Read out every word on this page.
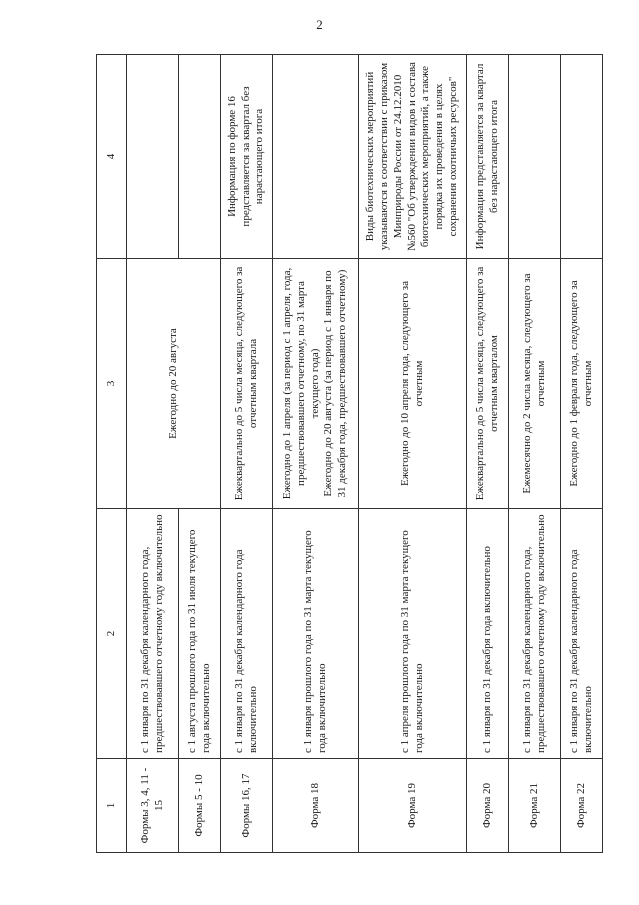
2
1	2	3	4
Формы 3, 4, 11 - 15	с 1 января по 31 декабря календарного года, предшествовавшего отчетному году включительно	Ежегодно до 20 августа	
Формы 5 - 10	с 1 августа прошлого года по 31 июля текущего года включительно		
Формы 16, 17	с 1 января по 31 декабря календарного года включительно	Ежеквартально до 5 числа месяца, следующего за отчетным квартала	Информация по форме 16 представляется за квартал без нарастающего итога
Форма 18	с 1 января прошлого года по 31 марта текущего года включительно	Ежегодно до 1 апреля (за период с 1 апреля, года, предшествовавшего отчетному, по 31 марта текущего года) Ежегодно до 20 августа (за период с 1 января по 31 декабря года, предшествовавшего отчетному)	

Форма 19	с 1 апреля прошлого года по 31 марта текущего года включительно	Ежегодно до 10 апреля года, следующего за отчетным	Виды биотехнических мероприятий указываются в соответствии с приказом Минприроды России от 24.12.2010 №560 "Об утверждении видов и состава биотехнических мероприятий, а также порядка их проведения в целях сохранения охотничьих ресурсов"
Форма 20	с 1 января по 31 декабря года включительно	Ежеквартально до 5 числа месяца, следующего за отчетным кварталом	Информация представляется за квартал без нарастающего итога
Форма 21	с 1 января по 31 декабря календарного года, предшествовавшего отчетному году включительно	Ежемесячно до 2 числа месяца, следующего за отчетным	
Форма 22	с 1 января по 31 декабря календарного года включительно	Ежегодно до 1 февраля года, следующего за отчетным	
